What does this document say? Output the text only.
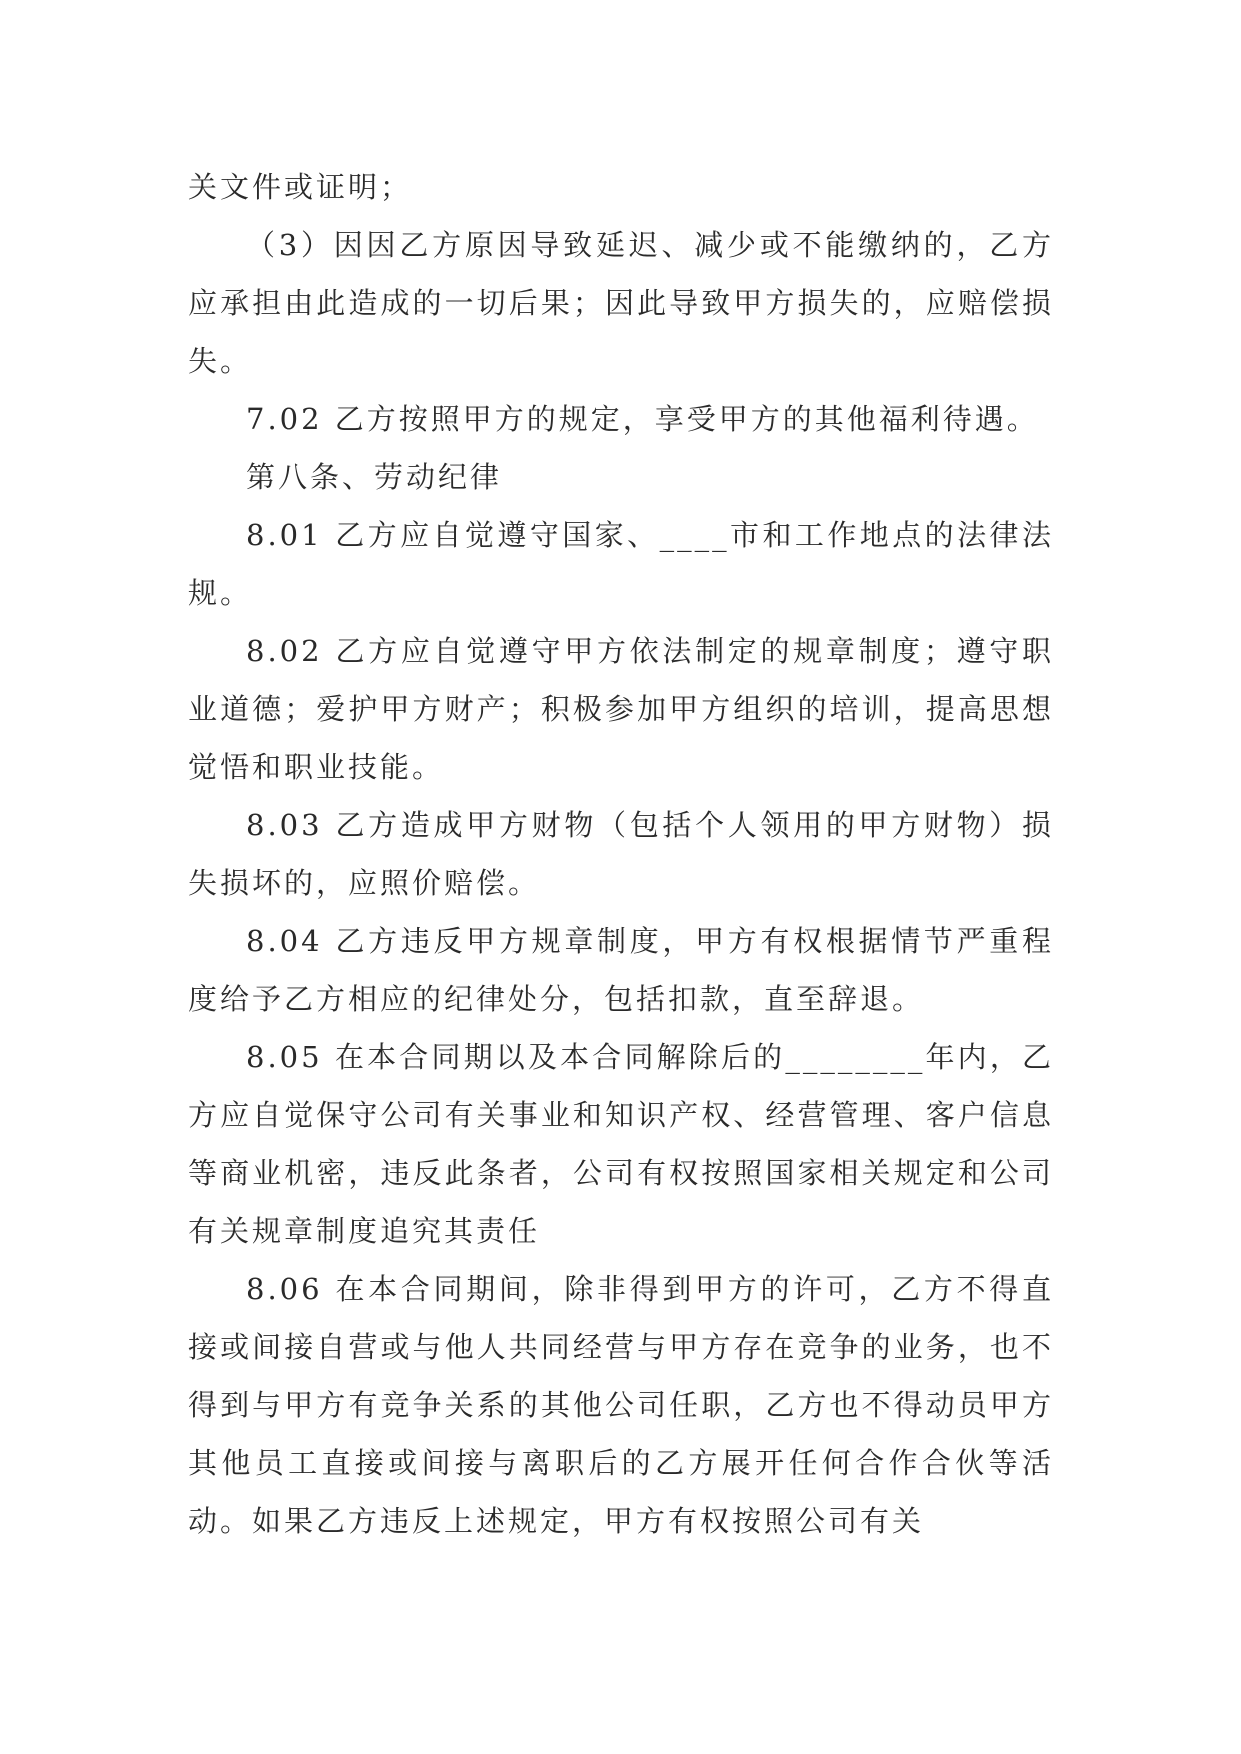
关文件或证明；

（3）因因乙方原因导致延迟、减少或不能缴纳的，乙方应承担由此造成的一切后果；因此导致甲方损失的，应赔偿损失。

7.02 乙方按照甲方的规定，享受甲方的其他福利待遇。

第八条、劳动纪律

8.01 乙方应自觉遵守国家、____市和工作地点的法律法规。

8.02 乙方应自觉遵守甲方依法制定的规章制度；遵守职业道德；爱护甲方财产；积极参加甲方组织的培训，提高思想觉悟和职业技能。

8.03 乙方造成甲方财物（包括个人领用的甲方财物）损失损坏的，应照价赔偿。

8.04 乙方违反甲方规章制度，甲方有权根据情节严重程度给予乙方相应的纪律处分，包括扣款，直至辞退。

8.05 在本合同期以及本合同解除后的________年内，乙方应自觉保守公司有关事业和知识产权、经营管理、客户信息等商业机密，违反此条者，公司有权按照国家相关规定和公司有关规章制度追究其责任

8.06 在本合同期间，除非得到甲方的许可，乙方不得直接或间接自营或与他人共同经营与甲方存在竞争的业务，也不得到与甲方有竞争关系的其他公司任职，乙方也不得动员甲方其他员工直接或间接与离职后的乙方展开任何合作合伙等活动。如果乙方违反上述规定，甲方有权按照公司有关
